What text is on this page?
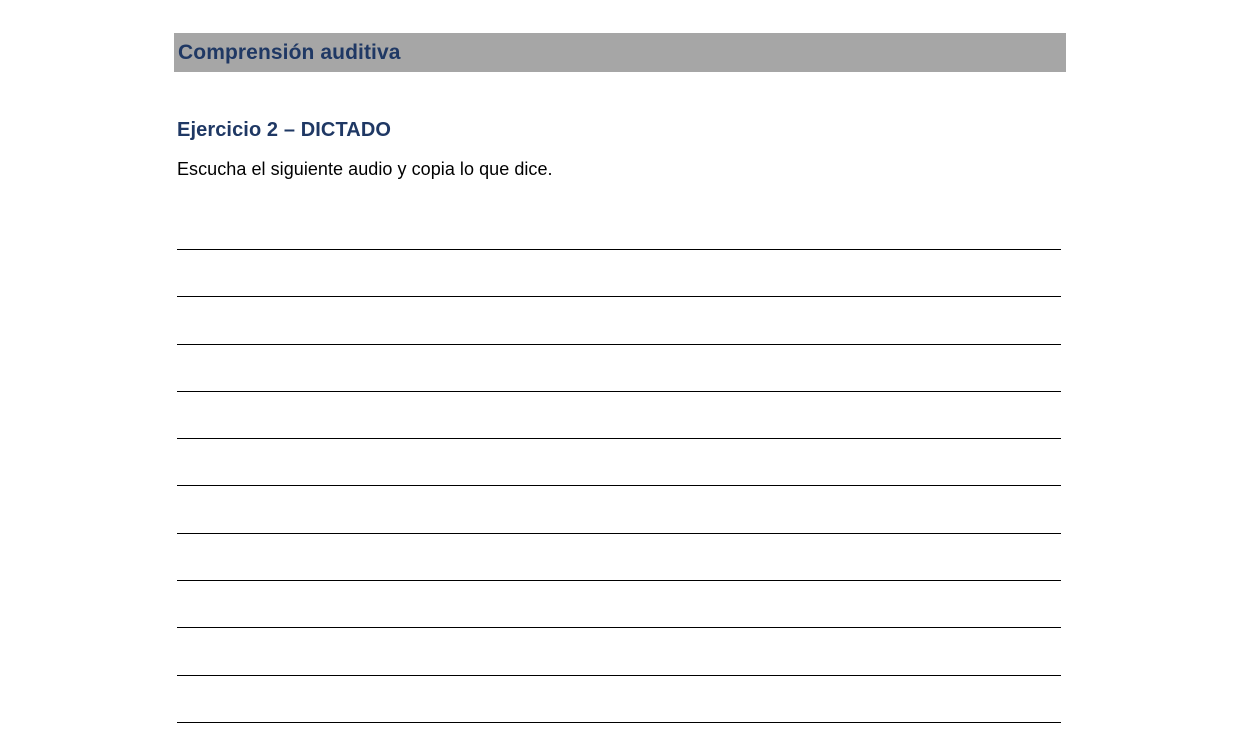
Comprensión auditiva
Ejercicio 2 – DICTADO
Escucha el siguiente audio y copia lo que dice.
